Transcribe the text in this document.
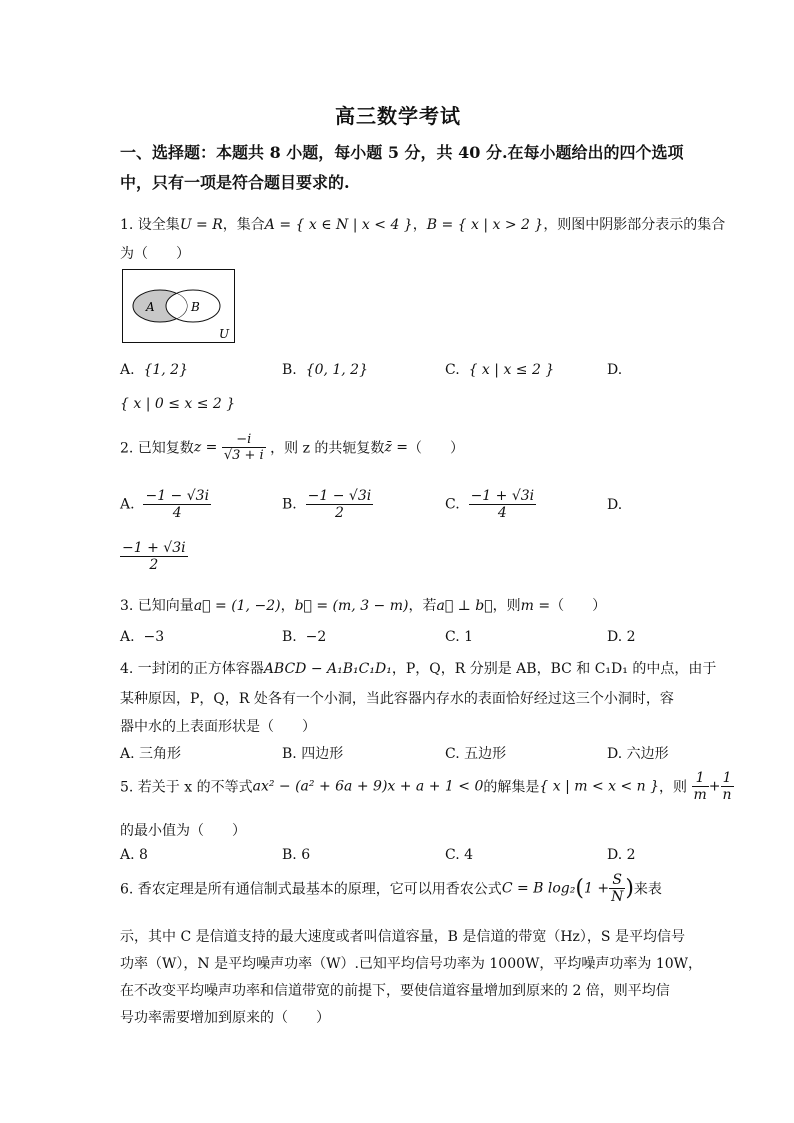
高三数学考试
一、选择题：本题共 8 小题，每小题 5 分，共 40 分.在每小题给出的四个选项
中，只有一项是符合题目要求的.
1. 设全集U = R，集合A = { x ∈ N | x < 4 }，B = { x | x > 2 }，则图中阴影部分表示的集合
为（　　）
A	B
U
A. {1, 2}	B. {0, 1, 2}	C. { x | x ≤ 2 }	D.
{ x | 0 ≤ x ≤ 2 }
2. 已知复数$z = \frac{-i}{√3 + i}$ ，则 z 的共轭复数z̄ =（　　）
A. $\frac{-1 - √3i}{4}$	B. $\frac{-1 - √3i}{2}$	C. $\frac{-1 + √3i}{4}$	D.
$\frac{-1 + √3i}{2}$
3. 已知向量a⃗ = (1, −2)，b⃗ = (m, 3 − m)，若a⃗ ⊥ b⃗，则m =（　　）
A. −3	B. −2	C. 1	D. 2
4. 一封闭的正方体容器ABCD − A₁B₁C₁D₁，P，Q，R 分别是 AB，BC 和 C₁D₁ 的中点，由于
某种原因，P，Q，R 处各有一个小洞，当此容器内存水的表面恰好经过这三个小洞时，容
器中水的上表面形状是（　　）
A. 三角形	B. 四边形	C. 五边形	D. 六边形
5. 若关于 x 的不等式ax² − (a² + 6a + 9)x + a + 1 < 0的解集是{ x | m < x < n }，则 $\frac{1}{m} + \frac{1}{n}$
的最小值为（　　）
A. 8	B. 6	C. 4	D. 2
6. 香农定理是所有通信制式最基本的原理，它可以用香农公式C = B $\log_2(1 + \frac{S}{N}$ )来表
示，其中 C 是信道支持的最大速度或者叫信道容量，B 是信道的带宽（Hz），S 是平均信号
功率（W），N 是平均噪声功率（W）.已知平均信号功率为 1000W，平均噪声功率为 10W，
在不改变平均噪声功率和信道带宽的前提下，要使信道容量增加到原来的 2 倍，则平均信
号功率需要增加到原来的（　　）
